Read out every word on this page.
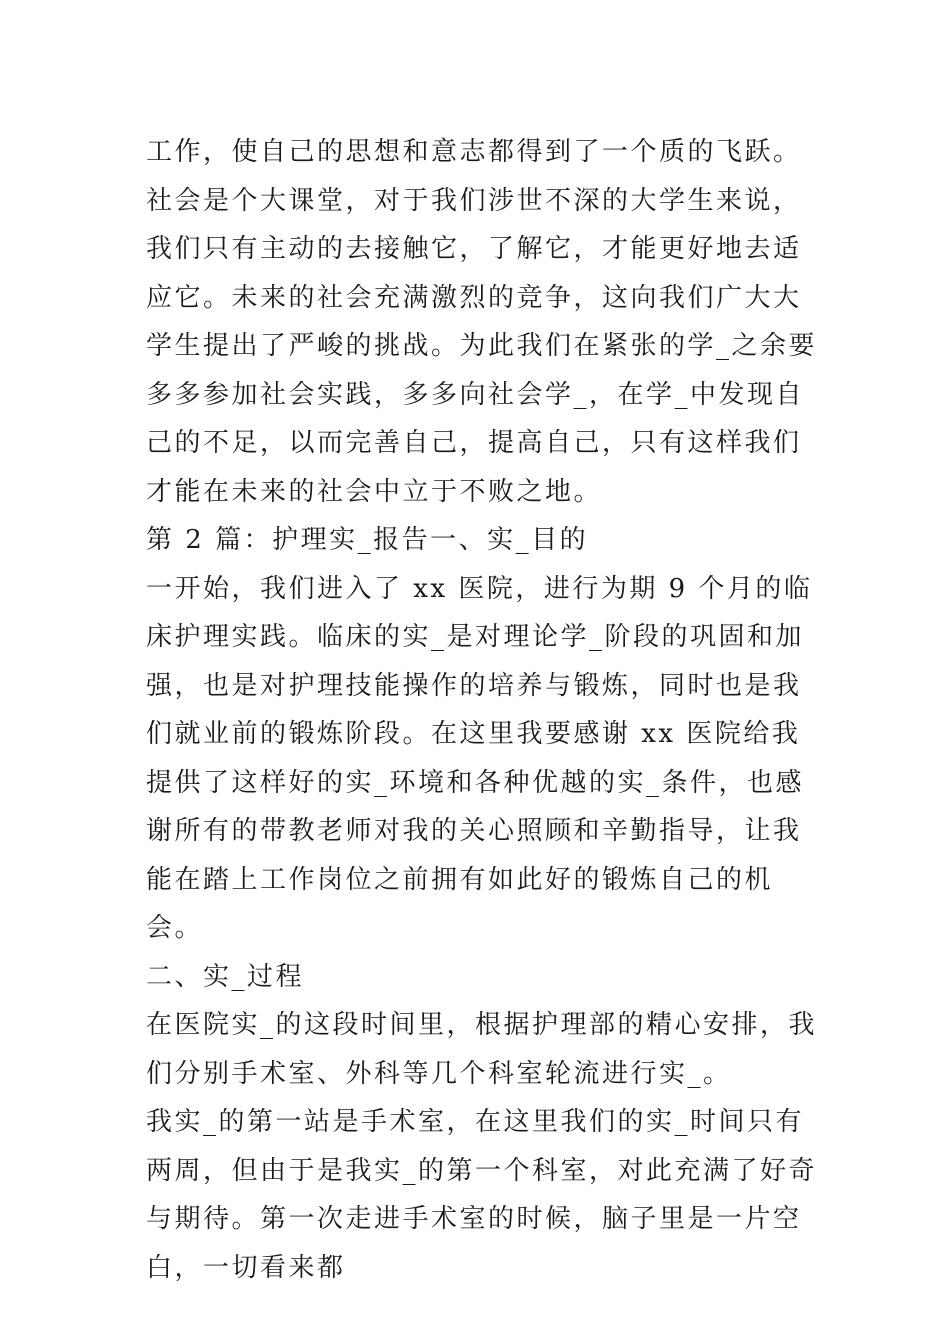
工作，使自己的思想和意志都得到了一个质的飞跃。社会是个大课堂，对于我们涉世不深的大学生来说，我们只有主动的去接触它，了解它，才能更好地去适应它。未来的社会充满激烈的竞争，这向我们广大大学生提出了严峻的挑战。为此我们在紧张的学_之余要多多参加社会实践，多多向社会学_，在学_中发现自己的不足，以而完善自己，提高自己，只有这样我们才能在未来的社会中立于不败之地。

第 2 篇：护理实_报告一、实_目的

一开始，我们进入了 xx 医院，进行为期 9 个月的临床护理实践。临床的实_是对理论学_阶段的巩固和加强，也是对护理技能操作的培养与锻炼，同时也是我们就业前的锻炼阶段。在这里我要感谢 xx 医院给我提供了这样好的实_环境和各种优越的实_条件，也感谢所有的带教老师对我的关心照顾和辛勤指导，让我能在踏上工作岗位之前拥有如此好的锻炼自己的机会。

二、实_过程

在医院实_的这段时间里，根据护理部的精心安排，我们分别手术室、外科等几个科室轮流进行实_。

我实_的第一站是手术室，在这里我们的实_时间只有两周，但由于是我实_的第一个科室，对此充满了好奇与期待。第一次走进手术室的时候，脑子里是一片空白，一切看来都
